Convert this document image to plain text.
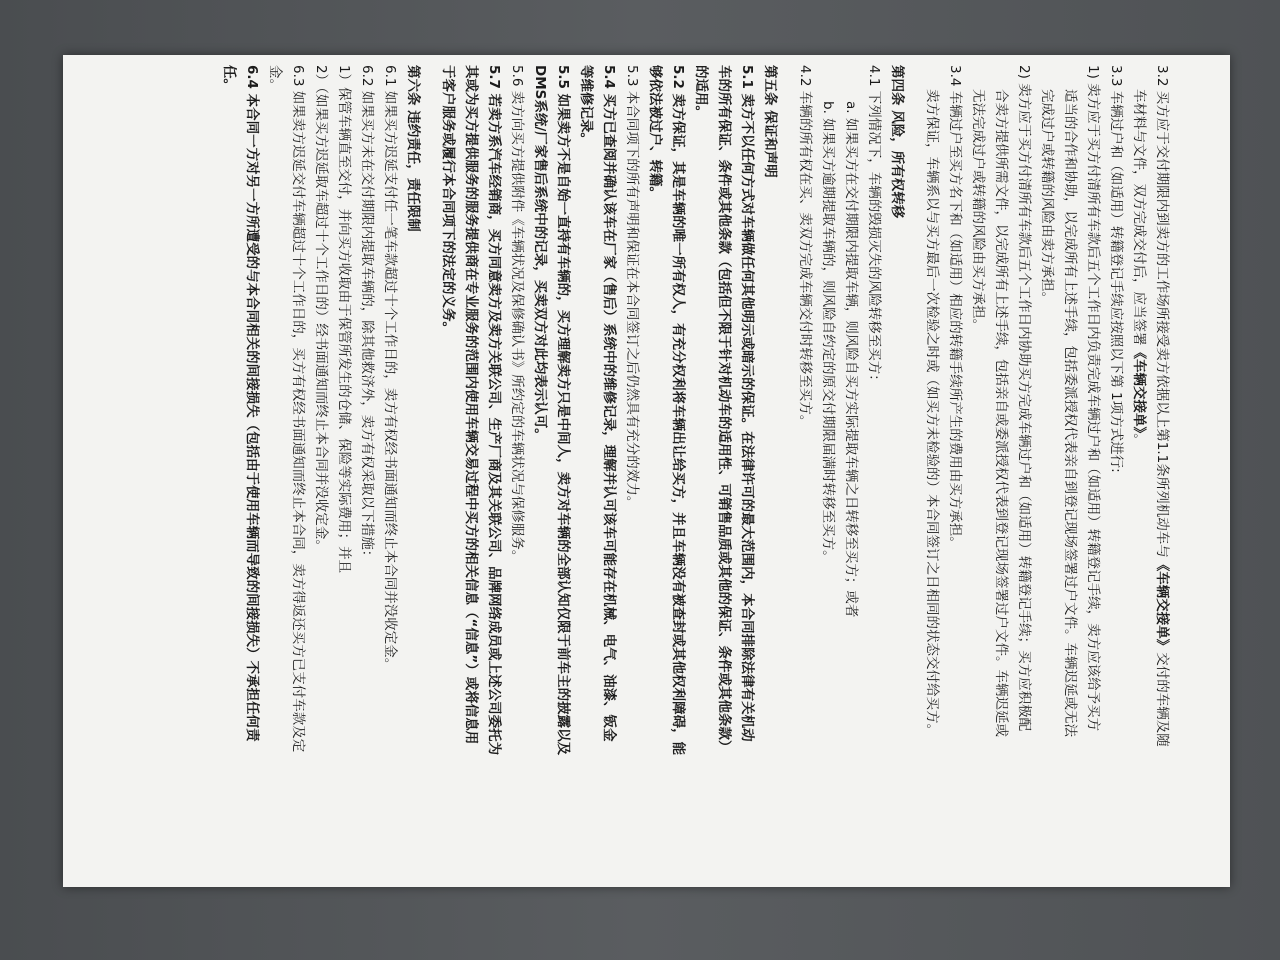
3.2 买方应于交付期限内到卖方的工作场所接受卖方依据以上第1.1条所列机动车与《车辆交接单》交付的车辆及随

车材料与文件，双方完成交付后，应当签署《车辆交接单》。

3.3 车辆过户和（如适用）转籍登记手续应按照以下第 1项方式进行:

1) 卖方应于买方付清所有车款后五个工作日内负责完成车辆过户和（如适用）转籍登记手续，卖方应该给予买方

适当的合作和协助，以完成所有上述手续，包括委派授权代表亲自到登记现场签署过户文件。车辆迟延或无法

完成过户或转籍的风险由卖方承担。

2) 卖方应于买方付清所有车款后五个工作日内协助买方完成车辆过户和（如适用）转籍登记手续；买方应积极配

合卖方提供所需文件，以完成所有上述手续，包括亲自或委派授权代表到登记现场签署过户文件。车辆迟延或

无法完成过户或转籍的风险由买方承担。

3.4 车辆过户至买方名下和（如适用）相应的转籍手续所产生的费用由买方承担。

卖方保证，车辆系以与买方最后一次检验之时或（如买方未检验的）本合同签订之日相同的状态交付给买方。

第四条 风险，所有权转移

4.1 下列情况下，车辆的毁损灭失的风险转移至买方：

a. 如果买方在交付期限内提取车辆，则风险自买方实际提取车辆之日转移至买方；或者

b. 如果买方逾期提取车辆的，则风险自约定的原交付期限届满时转移至买方。

4.2 车辆的所有权在买、卖双方完成车辆交付时转移至买方。

第五条 保证和声明

5.1 卖方不以任何方式对车辆做任何其他明示或暗示的保证。在法律许可的最大范围内，本合同排除法律有关机动

车的所有保证、条件或其他条款（包括但不限于针对机动车的适用性、可销售品质或其他的保证、条件或其他条款）

的适用。

5.2 卖方保证，其是车辆的唯一所有权人，有充分权利将车辆出让给买方，并且车辆没有被查封或其他权利障碍，能

够依法被过户、转籍。

5.3 本合同项下的所有声明和保证在本合同签订之后仍然具有充分的效力。

5.4 买方已查阅并确认该车在厂家（售后）系统中的维修记录，理解并认可该车可能存在机械、电气、油漆、钣金

等维修记录。

5.5 如果卖方不是自始一直持有车辆的，买方理解卖方只是中间人，卖方对车辆的全部认知仅限于前车主的披露以及

DMS系统/厂家售后系统中的记录，买卖双方对此均表示认可。

5.6 卖方向买方提供附件《车辆状况及保修确认书》所约定的车辆状况与保修服务。

5.7 若卖方系汽车经销商，买方同意卖方及卖方关联公司、生产厂商及其关联公司、品牌网络成员或上述公司委托为

其或为买方提供服务的服务提供商在专业服务的范围内使用车辆交易过程中买方的相关信息（“信息”）或将信息用

于客户服务或履行本合同项下的法定的义务。

第六条 违约责任，责任限制

6.1 如果买方迟延支付任一笔车款超过十个工作日的，卖方有权经书面通知而终止本合同并没收定金。

6.2 如果买方未在交付期限内提取车辆的，除其他救济外，卖方有权采取以下措施：

1）保管车辆直至交付，并向买方收取由于保管所发生的仓储、保险等实际费用；并且

2）（如果买方迟延取车超过十个工作日的）经书面通知而终止本合同并没收定金。

6.3 如果卖方迟延交付车辆超过十个工作日的，买方有权经书面通知而终止本合同，卖方得返还买方已支付车款及定

金。

6.4 本合同一方对另一方所遭受的与本合同相关的间接损失（包括由于使用车辆而导致的间接损失）不承担任何责

任。
